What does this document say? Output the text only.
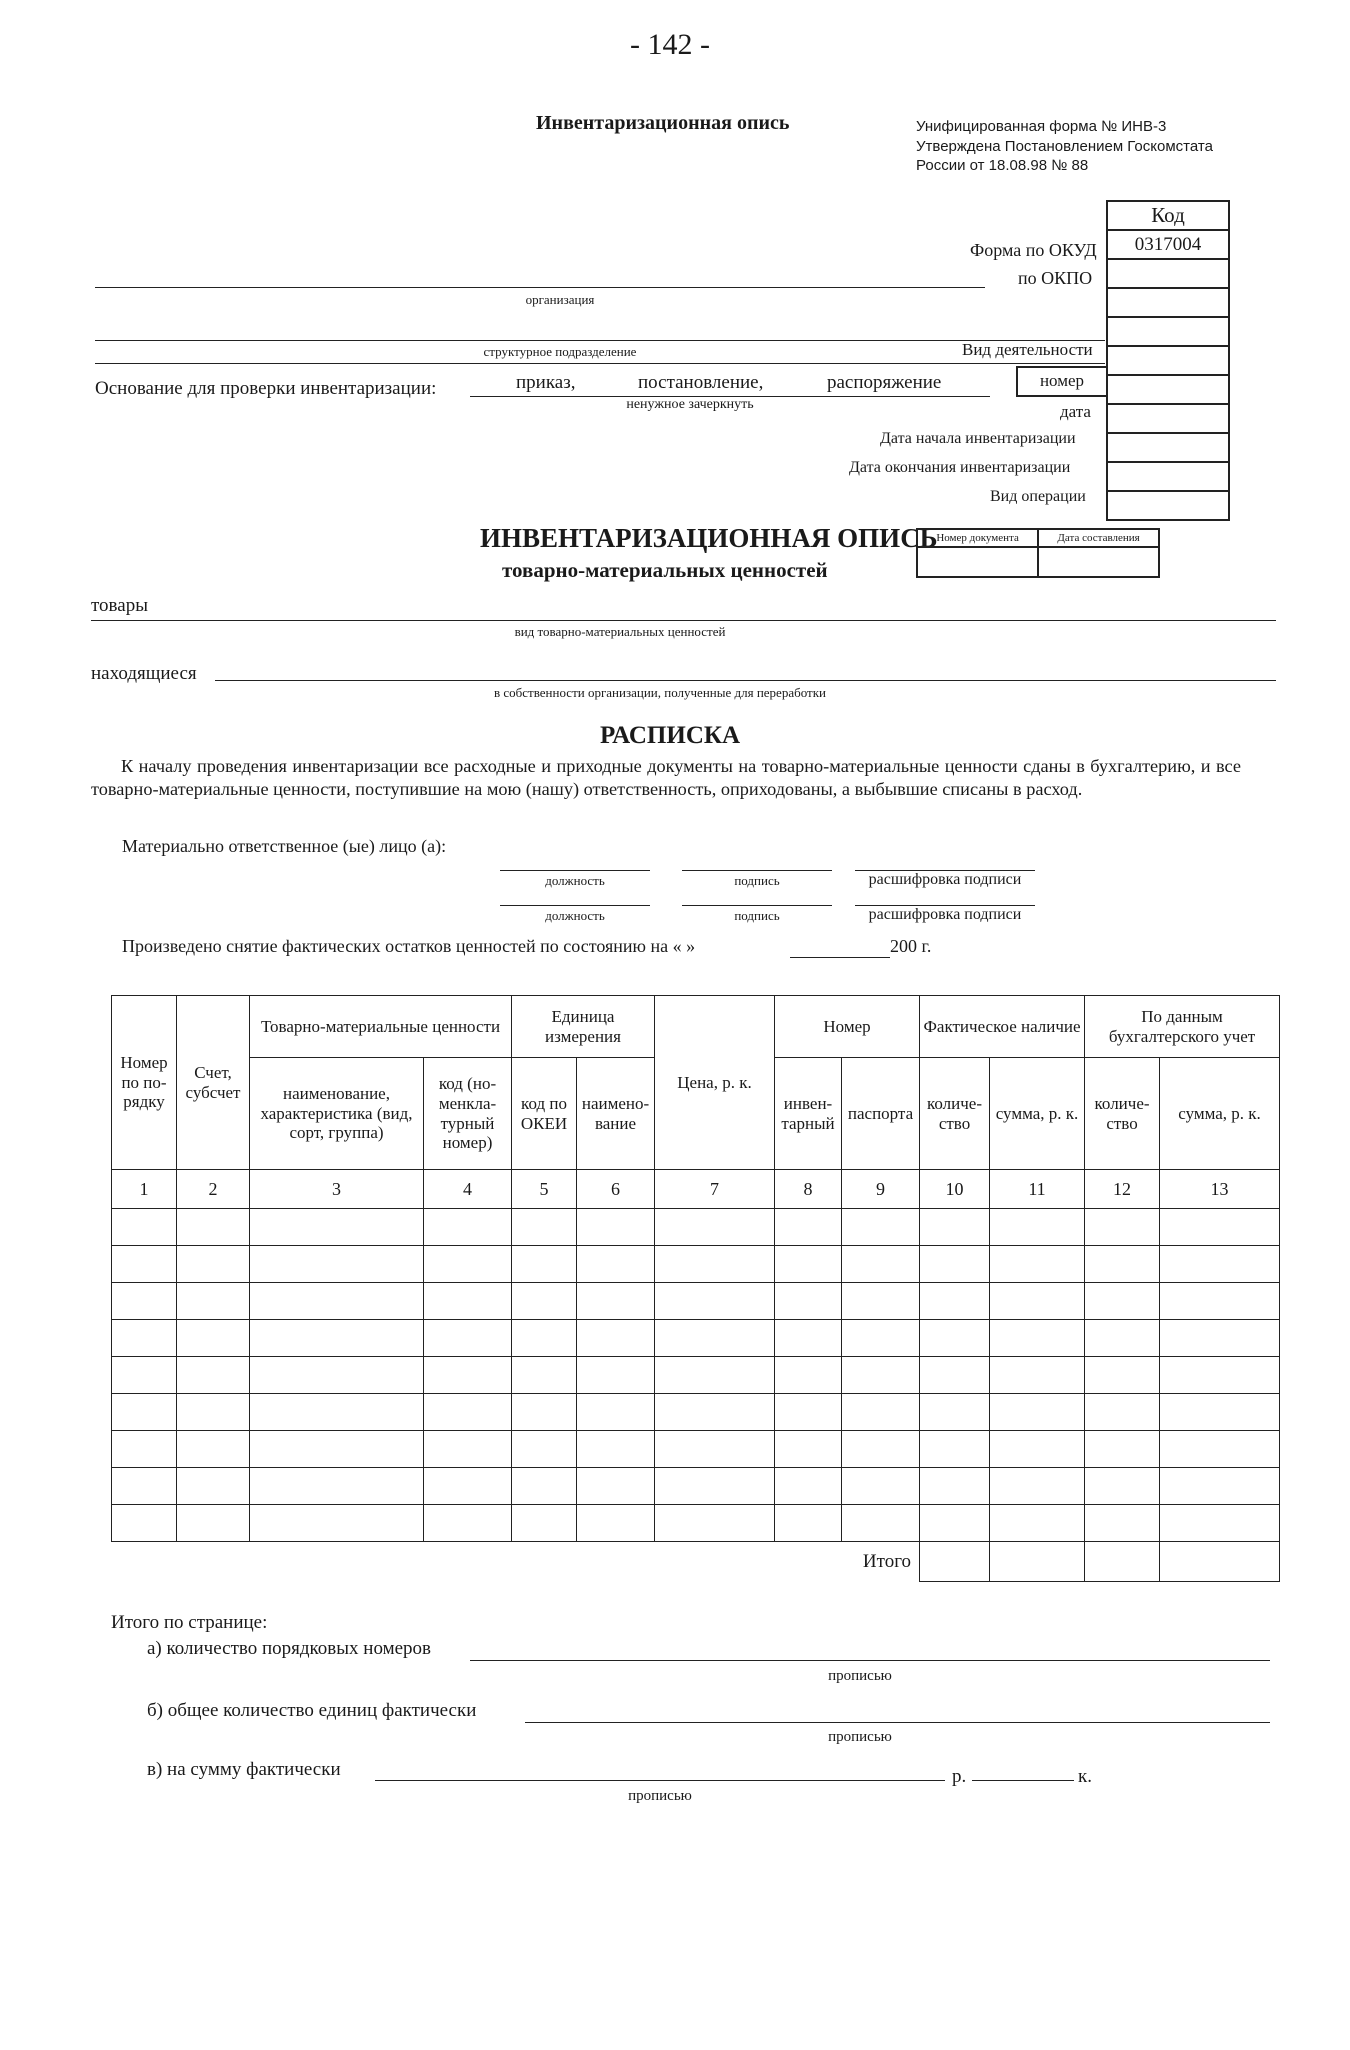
- 142 -
Инвентаризационная опись	Унифицированная форма № ИНВ-3
Утверждена Постановлением Госкомстата
России от 18.08.98 № 88
Код
0317004

Форма по ОКУД
по ОКПО
организация
структурное подразделение	Вид деятельности
Основание для проверки инвентаризации:	приказ,	постановление,	распоряжение
ненужное зачеркнуть
номер
дата
Дата начала инвентаризации
Дата окончания инвентаризации
Вид операции
ИНВЕНТАРИЗАЦИОННАЯ ОПИСЬ
товарно-материальных ценностей
Номер документа	Дата составления

товары
вид товарно-материальных ценностей
находящиеся
в собственности организации, полученные для переработки
РАСПИСКА
К началу проведения инвентаризации все расходные и приходные документы на товарно-материальные ценности сданы в бухгалтерию, и все товарно-материальные ценности, поступившие на мою (нашу) ответственность, оприходованы, а выбывшие списаны в расход.
Материально ответственное (ые) лицо (а):
должность	подпись	расшифровка подписи
должность	подпись	расшифровка подписи
Произведено снятие фактических остатков ценностей по состоянию на « »	200 г.
Номер по по-рядку	Счет, субсчет	Товарно-материальные ценности		Единица измерения		Цена, р. к.	Номер		Фактическое наличие		По данным бухгалтерского учет	
		наименование, характеристика (вид, сорт, группа)	код (но-менкла-турный номер)	код по ОКЕИ	наимено-вание		инвен-тарный	паспорта	количе-ство	сумма, р. к.	количе-ство	сумма, р. к.
1	2	3	4	5	6	7	8	9	10	11	12	13

Итого												
Итого по странице:
а) количество порядковых номеров
прописью
б) общее количество единиц фактически
прописью
в) на сумму фактически	р.	к.
прописью
